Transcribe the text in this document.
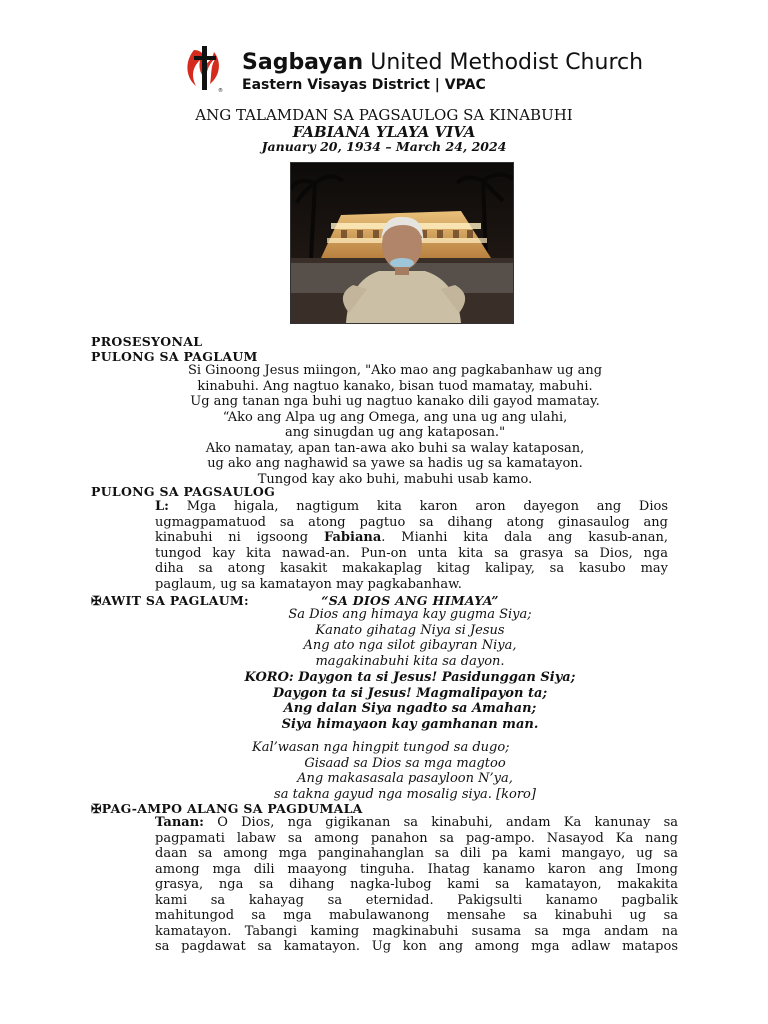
®
Sagbayan United Methodist Church
Eastern Visayas District | VPAC
ANG TALAMDAN SA PAGSAULOG SA KINABUHI
FABIANA YLAYA VIVA
January 20, 1934 – March 24, 2024
PROSESYONAL
PULONG SA PAGLAUM
Si Ginoong Jesus miingon, "Ako mao ang pagkabanhaw ug ang
kinabuhi. Ang nagtuo kanako, bisan tuod mamatay, mabuhi.
Ug ang tanan nga buhi ug nagtuo kanako dili gayod mamatay.
“Ako ang Alpa ug ang Omega, ang una ug ang ulahi,
ang sinugdan ug ang kataposan."
Ako namatay, apan tan-awa ako buhi sa walay kataposan,
ug ako ang naghawid sa yawe sa hadis ug sa kamatayon.
Tungod kay ako buhi, mabuhi usab kamo.
PULONG SA PAGSAULOG
L: Mga higala, nagtigum kita karon aron dayegon ang Dios
ugmagpamatuod sa atong pagtuo sa dihang atong ginasaulog ang
kinabuhi ni igsoong Fabiana. Mianhi kita dala ang kasub-anan,
tungod kay kita nawad-an. Pun-on unta kita sa grasya sa Dios, nga
diha sa atong kasakit makakaplag kitag kalipay, sa kasubo may
paglaum, ug sa kamatayon may pagkabanhaw.
✠AWIT SA PAGLAUM:	“SA DIOS ANG HIMAYA”
Sa Dios ang himaya kay gugma Siya;
Kanato gihatag Niya si Jesus
Ang ato nga silot gibayran Niya,
magakinabuhi kita sa dayon.
KORO: Daygon ta si Jesus! Pasidunggan Siya;
Daygon ta si Jesus! Magmalipayon ta;
Ang dalan Siya ngadto sa Amahan;
Siya himayaon kay gamhanan man.
Kal’wasan nga hingpit tungod sa dugo;
Gisaad sa Dios sa mga magtoo
Ang makasasala pasayloon N’ya,
sa takna gayud nga mosalig siya. [koro]
✠PAG-AMPO ALANG SA PAGDUMALA
Tanan: O Dios, nga gigikanan sa kinabuhi, andam Ka kanunay sa
pagpamati labaw sa among panahon sa pag-ampo. Nasayod Ka nang
daan sa among mga panginahanglan sa dili pa kami mangayo, ug sa
among mga dili maayong tinguha. Ihatag kanamo karon ang Imong
grasya, nga sa dihang nagka-lubog kami sa kamatayon, makakita
kami sa kahayag sa eternidad. Pakigsulti kanamo pagbalik
mahitungod sa mga mabulawanong mensahe sa kinabuhi ug sa
kamatayon. Tabangi kaming magkinabuhi susama sa mga andam na
sa pagdawat sa kamatayon. Ug kon ang among mga adlaw matapos
